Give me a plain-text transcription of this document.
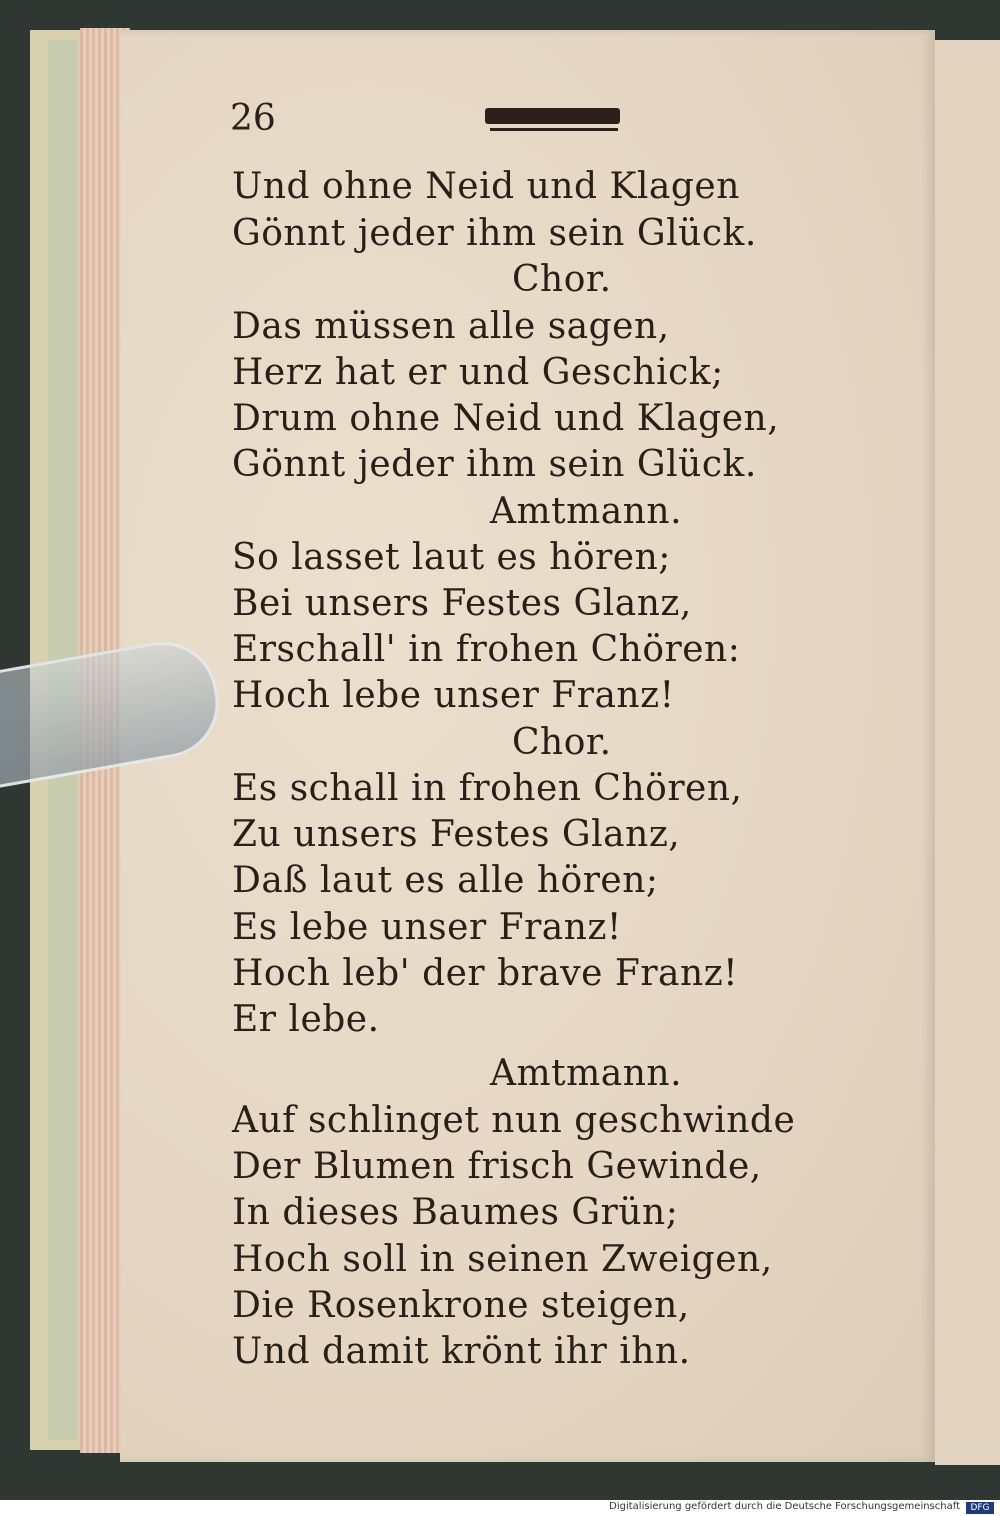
26
Und ohne Neid und Klagen
Gönnt jeder ihm sein Glück.
Chor.
Das müssen alle sagen,
Herz hat er und Geschick;
Drum ohne Neid und Klagen,
Gönnt jeder ihm sein Glück.
Amtmann.
So lasset laut es hören;
Bei unsers Festes Glanz,
Erschall' in frohen Chören:
Hoch lebe unser Franz!
Chor.
Es schall in frohen Chören,
Zu unsers Festes Glanz,
Daß laut es alle hören;
Es lebe unser Franz!
Hoch leb' der brave Franz!
Er lebe.
Amtmann.
Auf schlinget nun geschwinde
Der Blumen frisch Gewinde,
In dieses Baumes Grün;
Hoch soll in seinen Zweigen,
Die Rosenkrone steigen,
Und damit krönt ihr ihn.
Digitalisierung gefördert durch die Deutsche Forschungsgemeinschaft	DFG
